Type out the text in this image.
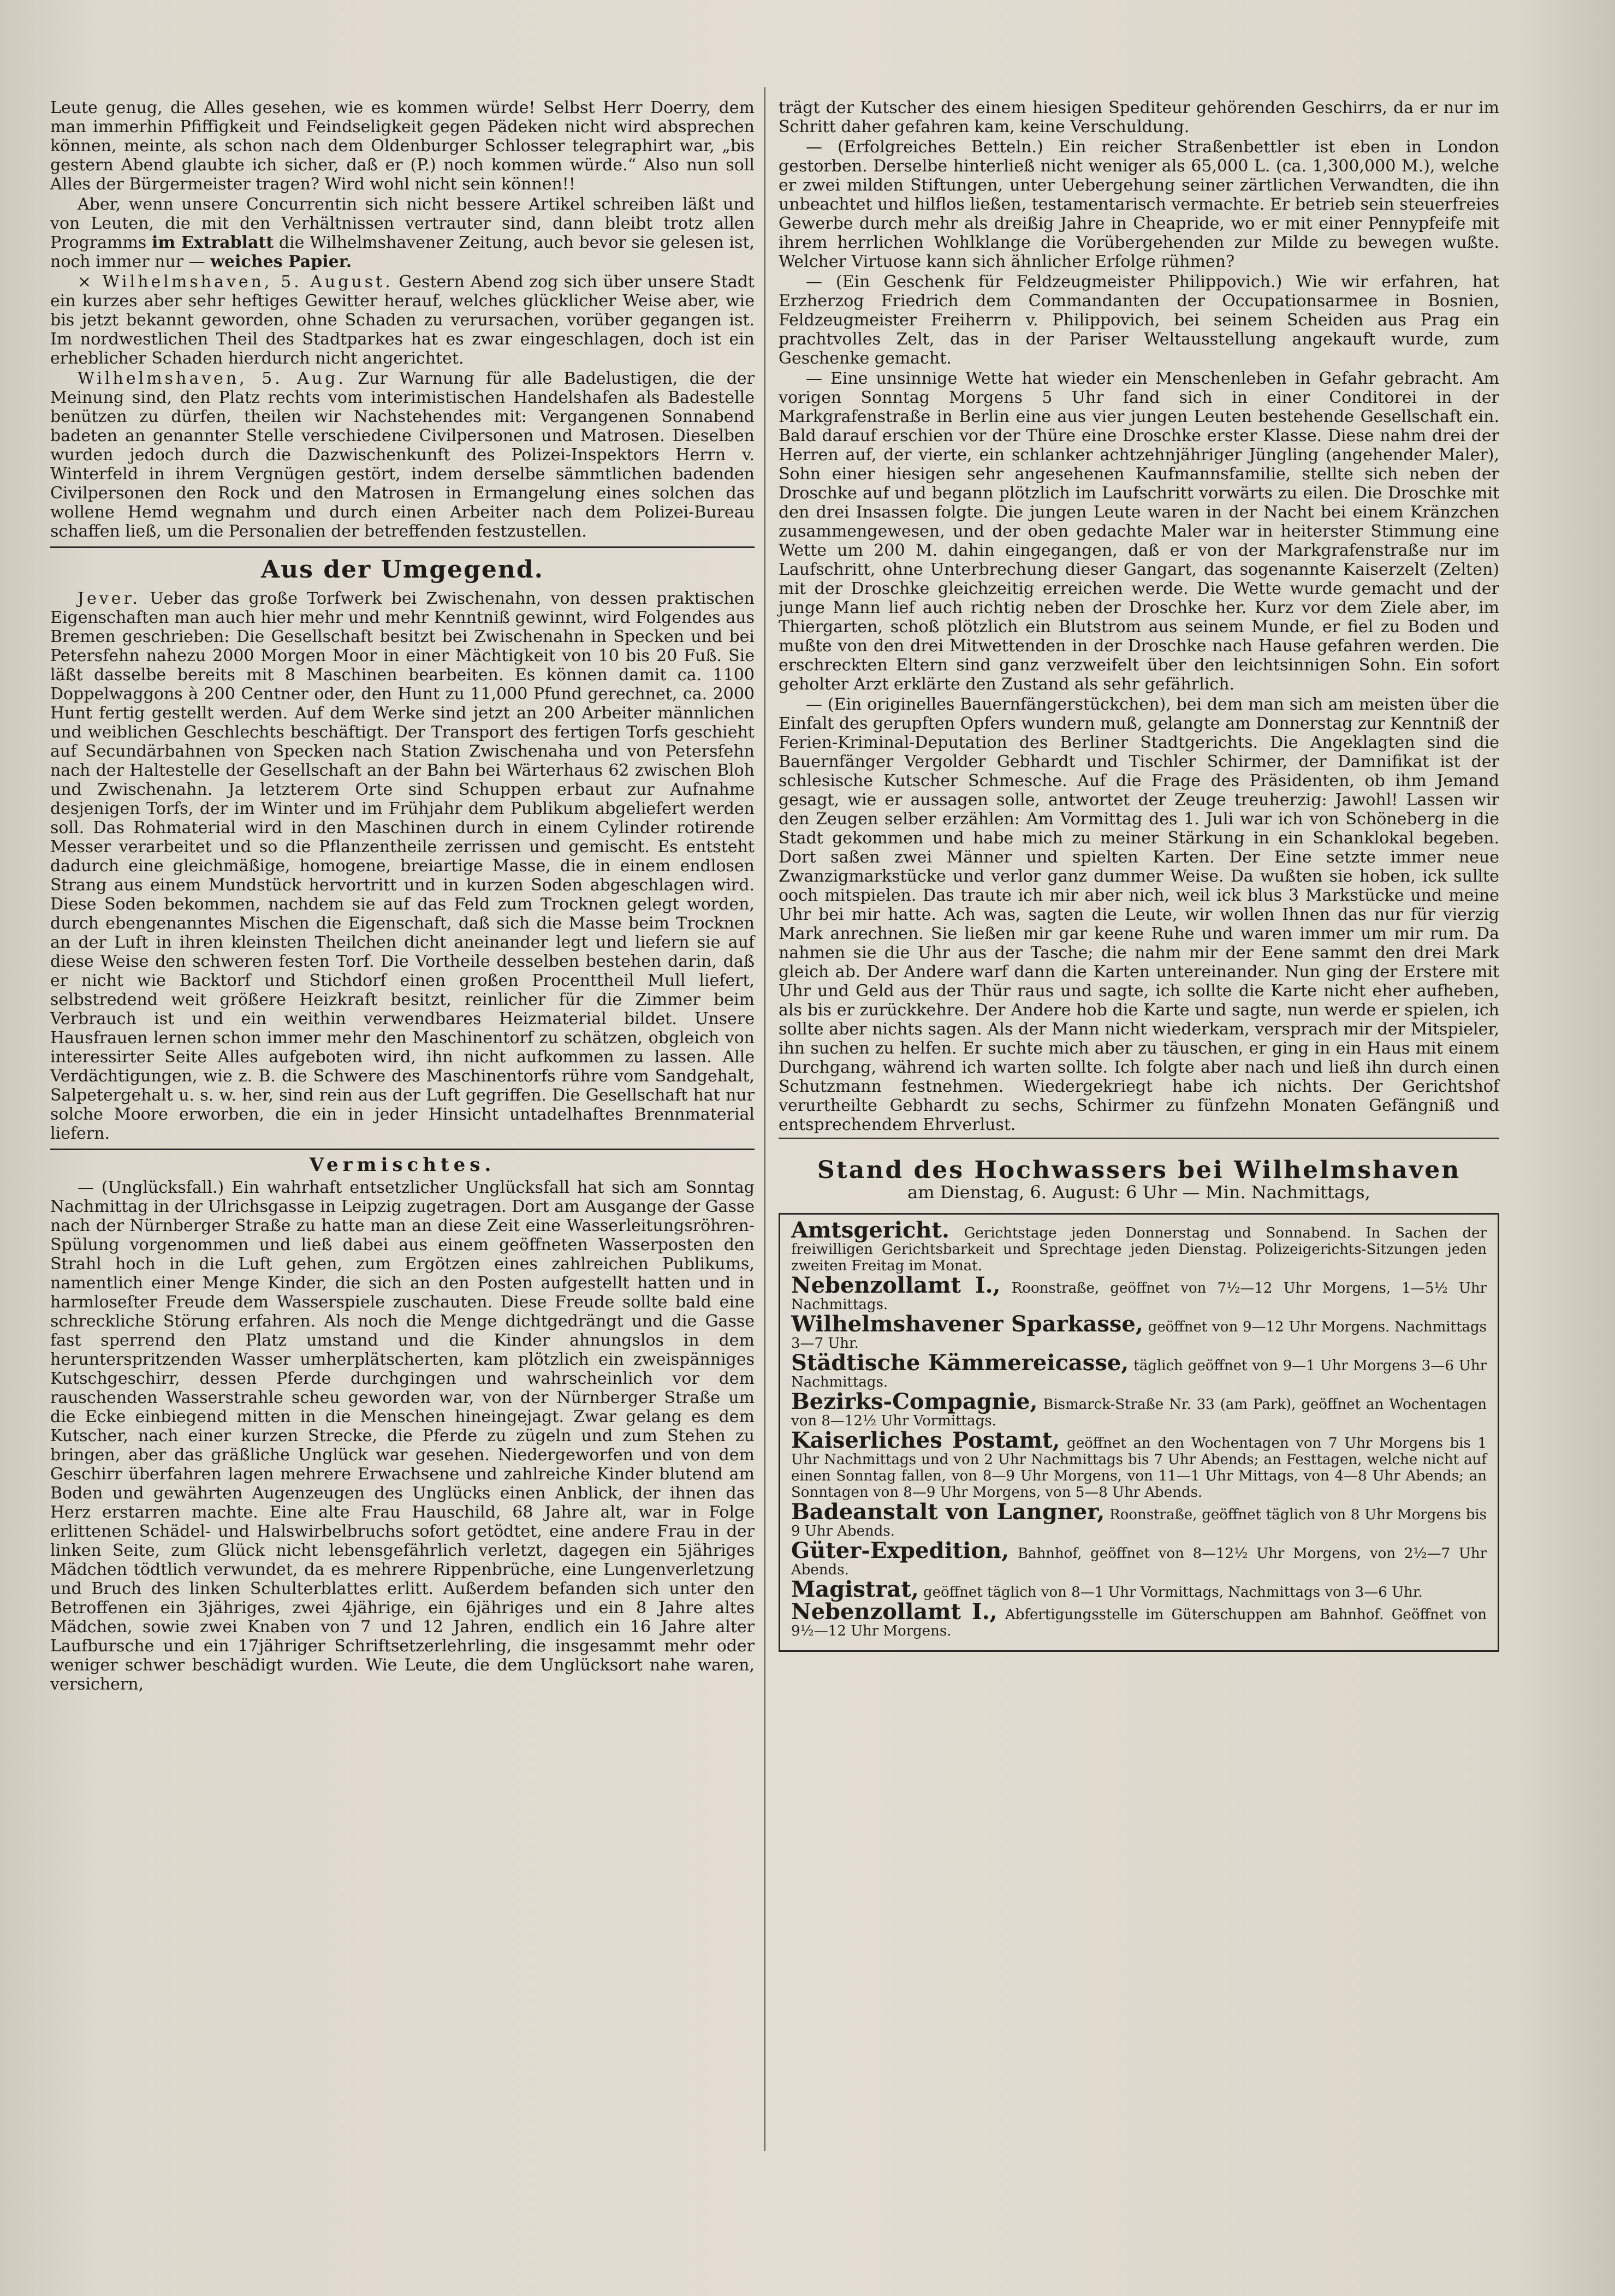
Leute genug, die Alles gesehen, wie es kommen würde! Selbst Herr Doerry, dem man immerhin Pfiffigkeit und Feindseligkeit gegen Pädeken nicht wird absprechen können, meinte, als schon nach dem Oldenburger Schlosser telegraphirt war, „bis gestern Abend glaubte ich sicher, daß er (P.) noch kommen würde.“ Also nun soll Alles der Bürgermeister tragen? Wird wohl nicht sein können!!

Aber, wenn unsere Concurrentin sich nicht bessere Artikel schreiben läßt und von Leuten, die mit den Verhältnissen vertrauter sind, dann bleibt trotz allen Programms im Extrablatt die Wilhelmshavener Zeitung, auch bevor sie gelesen ist, noch immer nur — weiches Papier.

× Wilhelmshaven, 5. August. Gestern Abend zog sich über unsere Stadt ein kurzes aber sehr heftiges Gewitter herauf, welches glücklicher Weise aber, wie bis jetzt bekannt geworden, ohne Schaden zu verursachen, vorüber gegangen ist. Im nordwestlichen Theil des Stadtparkes hat es zwar eingeschlagen, doch ist ein erheblicher Schaden hierdurch nicht angerichtet.

Wilhelmshaven, 5. Aug. Zur Warnung für alle Badelustigen, die der Meinung sind, den Platz rechts vom interimistischen Handelshafen als Badestelle benützen zu dürfen, theilen wir Nachstehendes mit: Vergangenen Sonnabend badeten an genannter Stelle verschiedene Civilpersonen und Matrosen. Dieselben wurden jedoch durch die Dazwischenkunft des Polizei-Inspektors Herrn v. Winterfeld in ihrem Vergnügen gestört, indem derselbe sämmtlichen badenden Civilpersonen den Rock und den Matrosen in Ermangelung eines solchen das wollene Hemd wegnahm und durch einen Arbeiter nach dem Polizei-Bureau schaffen ließ, um die Personalien der betreffenden festzustellen.

Aus der Umgegend.

Jever. Ueber das große Torfwerk bei Zwischenahn, von dessen praktischen Eigenschaften man auch hier mehr und mehr Kenntniß gewinnt, wird Folgendes aus Bremen geschrieben: Die Gesellschaft besitzt bei Zwischenahn in Specken und bei Petersfehn nahezu 2000 Morgen Moor in einer Mächtigkeit von 10 bis 20 Fuß. Sie läßt dasselbe bereits mit 8 Maschinen bearbeiten. Es können damit ca. 1100 Doppelwaggons à 200 Centner oder, den Hunt zu 11,000 Pfund gerechnet, ca. 2000 Hunt fertig gestellt werden. Auf dem Werke sind jetzt an 200 Arbeiter männlichen und weiblichen Geschlechts beschäftigt. Der Transport des fertigen Torfs geschieht auf Secundärbahnen von Specken nach Station Zwischenaha und von Petersfehn nach der Haltestelle der Gesellschaft an der Bahn bei Wärterhaus 62 zwischen Bloh und Zwischenahn. Ja letzterem Orte sind Schuppen erbaut zur Aufnahme desjenigen Torfs, der im Winter und im Frühjahr dem Publikum abgeliefert werden soll. Das Rohmaterial wird in den Maschinen durch in einem Cylinder rotirende Messer verarbeitet und so die Pflanzentheile zerrissen und gemischt. Es entsteht dadurch eine gleichmäßige, homogene, breiartige Masse, die in einem endlosen Strang aus einem Mundstück hervortritt und in kurzen Soden abgeschlagen wird. Diese Soden bekommen, nachdem sie auf das Feld zum Trocknen gelegt worden, durch ebengenanntes Mischen die Eigenschaft, daß sich die Masse beim Trocknen an der Luft in ihren kleinsten Theilchen dicht aneinander legt und liefern sie auf diese Weise den schweren festen Torf. Die Vortheile desselben bestehen darin, daß er nicht wie Backtorf und Stichdorf einen großen Procenttheil Mull liefert, selbstredend weit größere Heizkraft besitzt, reinlicher für die Zimmer beim Verbrauch ist und ein weithin verwendbares Heizmaterial bildet. Unsere Hausfrauen lernen schon immer mehr den Maschinentorf zu schätzen, obgleich von interessirter Seite Alles aufgeboten wird, ihn nicht aufkommen zu lassen. Alle Verdächtigungen, wie z. B. die Schwere des Maschinentorfs rühre vom Sandgehalt, Salpetergehalt u. s. w. her, sind rein aus der Luft gegriffen. Die Gesellschaft hat nur solche Moore erworben, die ein in jeder Hinsicht untadelhaftes Brennmaterial liefern.

Vermischtes.

— (Unglücksfall.) Ein wahrhaft entsetzlicher Unglücksfall hat sich am Sonntag Nachmittag in der Ulrichsgasse in Leipzig zugetragen. Dort am Ausgange der Gasse nach der Nürnberger Straße zu hatte man an diese Zeit eine Wasserleitungsröhren-Spülung vorgenommen und ließ dabei aus einem geöffneten Wasserposten den Strahl hoch in die Luft gehen, zum Ergötzen eines zahlreichen Publikums, namentlich einer Menge Kinder, die sich an den Posten aufgestellt hatten und in harmloseſter Freude dem Wasserspiele zuschauten. Diese Freude sollte bald eine schreckliche Störung erfahren. Als noch die Menge dichtgedrängt und die Gasse fast sperrend den Platz umstand und die Kinder ahnungslos in dem herunterspritzenden Wasser umherplätscherten, kam plötzlich ein zweispänniges Kutschgeschirr, dessen Pferde durchgingen und wahrscheinlich vor dem rauschenden Wasserstrahle scheu geworden war, von der Nürnberger Straße um die Ecke einbiegend mitten in die Menschen hineingejagt. Zwar gelang es dem Kutscher, nach einer kurzen Strecke, die Pferde zu zügeln und zum Stehen zu bringen, aber das gräßliche Unglück war gesehen. Niedergeworfen und von dem Geschirr überfahren lagen mehrere Erwachsene und zahlreiche Kinder blutend am Boden und gewährten Augenzeugen des Unglücks einen Anblick, der ihnen das Herz erstarren machte. Eine alte Frau Hauschild, 68 Jahre alt, war in Folge erlittenen Schädel- und Halswirbelbruchs sofort getödtet, eine andere Frau in der linken Seite, zum Glück nicht lebensgefährlich verletzt, dagegen ein 5jähriges Mädchen tödtlich verwundet, da es mehrere Rippenbrüche, eine Lungenverletzung und Bruch des linken Schulterblattes erlitt. Außerdem befanden sich unter den Betroffenen ein 3jähriges, zwei 4jährige, ein 6jähriges und ein 8 Jahre altes Mädchen, sowie zwei Knaben von 7 und 12 Jahren, endlich ein 16 Jahre alter Laufbursche und ein 17jähriger Schriftsetzerlehrling, die insgesammt mehr oder weniger schwer beschädigt wurden. Wie Leute, die dem Unglücksort nahe waren, versichern,

trägt der Kutscher des einem hiesigen Spediteur gehörenden Geschirrs, da er nur im Schritt daher gefahren kam, keine Verschuldung.

— (Erfolgreiches Betteln.) Ein reicher Straßenbettler ist eben in London gestorben. Derselbe hinterließ nicht weniger als 65,000 L. (ca. 1,300,000 M.), welche er zwei milden Stiftungen, unter Uebergehung seiner zärtlichen Verwandten, die ihn unbeachtet und hilflos ließen, testamentarisch vermachte. Er betrieb sein steuerfreies Gewerbe durch mehr als dreißig Jahre in Cheapride, wo er mit einer Pennypfeife mit ihrem herrlichen Wohlklange die Vorübergehenden zur Milde zu bewegen wußte. Welcher Virtuose kann sich ähnlicher Erfolge rühmen?

— (Ein Geschenk für Feldzeugmeister Philippovich.) Wie wir erfahren, hat Erzherzog Friedrich dem Commandanten der Occupationsarmee in Bosnien, Feldzeugmeister Freiherrn v. Philippovich, bei seinem Scheiden aus Prag ein prachtvolles Zelt, das in der Pariser Weltausstellung angekauft wurde, zum Geschenke gemacht.

— Eine unsinnige Wette hat wieder ein Menschenleben in Gefahr gebracht. Am vorigen Sonntag Morgens 5 Uhr fand sich in einer Conditorei in der Markgrafenstraße in Berlin eine aus vier jungen Leuten bestehende Gesellschaft ein. Bald darauf erschien vor der Thüre eine Droschke erster Klasse. Diese nahm drei der Herren auf, der vierte, ein schlanker achtzehnjähriger Jüngling (angehender Maler), Sohn einer hiesigen sehr angesehenen Kaufmannsfamilie, stellte sich neben der Droschke auf und begann plötzlich im Laufschritt vorwärts zu eilen. Die Droschke mit den drei Insassen folgte. Die jungen Leute waren in der Nacht bei einem Kränzchen zusammengewesen, und der oben gedachte Maler war in heiterster Stimmung eine Wette um 200 M. dahin eingegangen, daß er von der Markgrafenstraße nur im Laufschritt, ohne Unterbrechung dieser Gangart, das sogenannte Kaiserzelt (Zelten) mit der Droschke gleichzeitig erreichen werde. Die Wette wurde gemacht und der junge Mann lief auch richtig neben der Droschke her. Kurz vor dem Ziele aber, im Thiergarten, schoß plötzlich ein Blutstrom aus seinem Munde, er fiel zu Boden und mußte von den drei Mitwettenden in der Droschke nach Hause gefahren werden. Die erschreckten Eltern sind ganz verzweifelt über den leichtsinnigen Sohn. Ein sofort geholter Arzt erklärte den Zustand als sehr gefährlich.

— (Ein originelles Bauernfängerstückchen), bei dem man sich am meisten über die Einfalt des gerupften Opfers wundern muß, gelangte am Donnerstag zur Kenntniß der Ferien-Kriminal-Deputation des Berliner Stadtgerichts. Die Angeklagten sind die Bauernfänger Vergolder Gebhardt und Tischler Schirmer, der Damnifikat ist der schlesische Kutscher Schmesche. Auf die Frage des Präsidenten, ob ihm Jemand gesagt, wie er aussagen solle, antwortet der Zeuge treuherzig: Jawohl! Lassen wir den Zeugen selber erzählen: Am Vormittag des 1. Juli war ich von Schöneberg in die Stadt gekommen und habe mich zu meiner Stärkung in ein Schanklokal begeben. Dort saßen zwei Männer und spielten Karten. Der Eine setzte immer neue Zwanzigmarkstücke und verlor ganz dummer Weise. Da wußten sie hoben, ick sullte ooch mitspielen. Das traute ich mir aber nich, weil ick blus 3 Markstücke und meine Uhr bei mir hatte. Ach was, sagten die Leute, wir wollen Ihnen das nur für vierzig Mark anrechnen. Sie ließen mir gar keene Ruhe und waren immer um mir rum. Da nahmen sie die Uhr aus der Tasche; die nahm mir der Eene sammt den drei Mark gleich ab. Der Andere warf dann die Karten untereinander. Nun ging der Erstere mit Uhr und Geld aus der Thür raus und sagte, ich sollte die Karte nicht eher aufheben, als bis er zurückkehre. Der Andere hob die Karte und sagte, nun werde er spielen, ich sollte aber nichts sagen. Als der Mann nicht wiederkam, versprach mir der Mitspieler, ihn suchen zu helfen. Er suchte mich aber zu täuschen, er ging in ein Haus mit einem Durchgang, während ich warten sollte. Ich folgte aber nach und ließ ihn durch einen Schutzmann festnehmen. Wiedergekriegt habe ich nichts. Der Gerichtshof verurtheilte Gebhardt zu sechs, Schirmer zu fünfzehn Monaten Gefängniß und entsprechendem Ehrverlust.

Stand des Hochwassers bei Wilhelmshaven
am Dienstag, 6. August: 6 Uhr — Min. Nachmittags,
Amtsgericht. Gerichtstage jeden Donnerstag und Sonnabend. In Sachen der freiwilligen Gerichtsbarkeit und Sprechtage jeden Dienstag. Polizeigerichts-Sitzungen jeden zweiten Freitag im Monat.
Nebenzollamt I., Roonstraße, geöffnet von 7½—12 Uhr Morgens, 1—5½ Uhr Nachmittags.
Wilhelmshavener Sparkasse, geöffnet von 9—12 Uhr Morgens. Nachmittags 3—7 Uhr.
Städtische Kämmereicasse, täglich geöffnet von 9—1 Uhr Morgens 3—6 Uhr Nachmittags.
Bezirks-Compagnie, Bismarck-Straße Nr. 33 (am Park), geöffnet an Wochentagen von 8—12½ Uhr Vormittags.
Kaiserliches Postamt, geöffnet an den Wochentagen von 7 Uhr Morgens bis 1 Uhr Nachmittags und von 2 Uhr Nachmittags bis 7 Uhr Abends; an Festtagen, welche nicht auf einen Sonntag fallen, von 8—9 Uhr Morgens, von 11—1 Uhr Mittags, von 4—8 Uhr Abends; an Sonntagen von 8—9 Uhr Morgens, von 5—8 Uhr Abends.
Badeanstalt von Langner, Roonstraße, geöffnet täglich von 8 Uhr Morgens bis 9 Uhr Abends.
Güter-Expedition, Bahnhof, geöffnet von 8—12½ Uhr Morgens, von 2½—7 Uhr Abends.
Magistrat, geöffnet täglich von 8—1 Uhr Vormittags, Nachmittags von 3—6 Uhr.
Nebenzollamt I., Abfertigungsstelle im Güterschuppen am Bahnhof. Geöffnet von 9½—12 Uhr Morgens.
